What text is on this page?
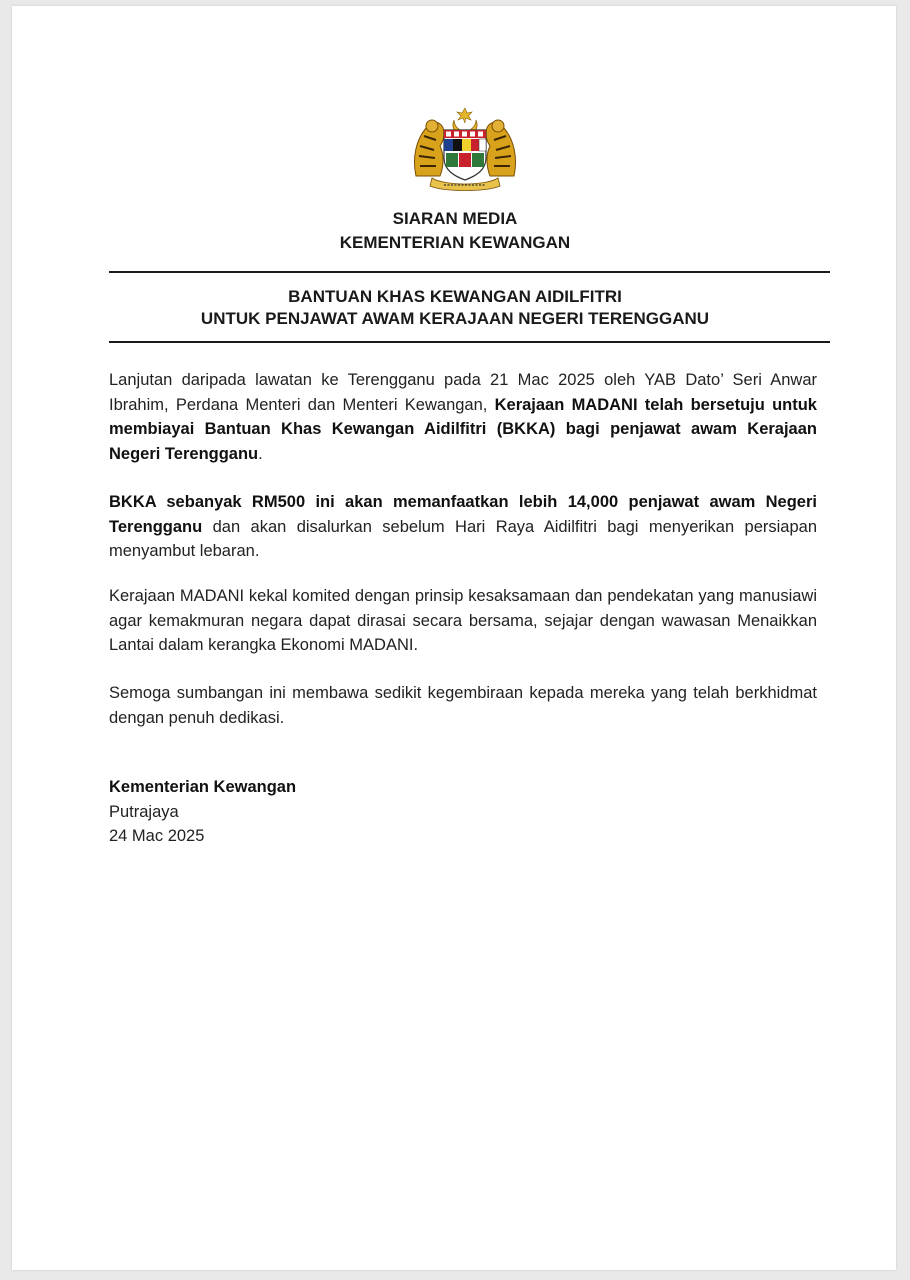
SIARAN MEDIA
KEMENTERIAN KEWANGAN
BANTUAN KHAS KEWANGAN AIDILFITRI
UNTUK PENJAWAT AWAM KERAJAAN NEGERI TERENGGANU
Lanjutan daripada lawatan ke Terengganu pada 21 Mac 2025 oleh YAB Dato’ Seri Anwar Ibrahim, Perdana Menteri dan Menteri Kewangan, Kerajaan MADANI telah bersetuju untuk membiayai Bantuan Khas Kewangan Aidilfitri (BKKA) bagi penjawat awam Kerajaan Negeri Terengganu.
BKKA sebanyak RM500 ini akan memanfaatkan lebih 14,000 penjawat awam Negeri Terengganu dan akan disalurkan sebelum Hari Raya Aidilfitri bagi menyerikan persiapan menyambut lebaran.
Kerajaan MADANI kekal komited dengan prinsip kesaksamaan dan pendekatan yang manusiawi agar kemakmuran negara dapat dirasai secara bersama, sejajar dengan wawasan Menaikkan Lantai dalam kerangka Ekonomi MADANI.
Semoga sumbangan ini membawa sedikit kegembiraan kepada mereka yang telah berkhidmat dengan penuh dedikasi.
Kementerian Kewangan
Putrajaya
24 Mac 2025
